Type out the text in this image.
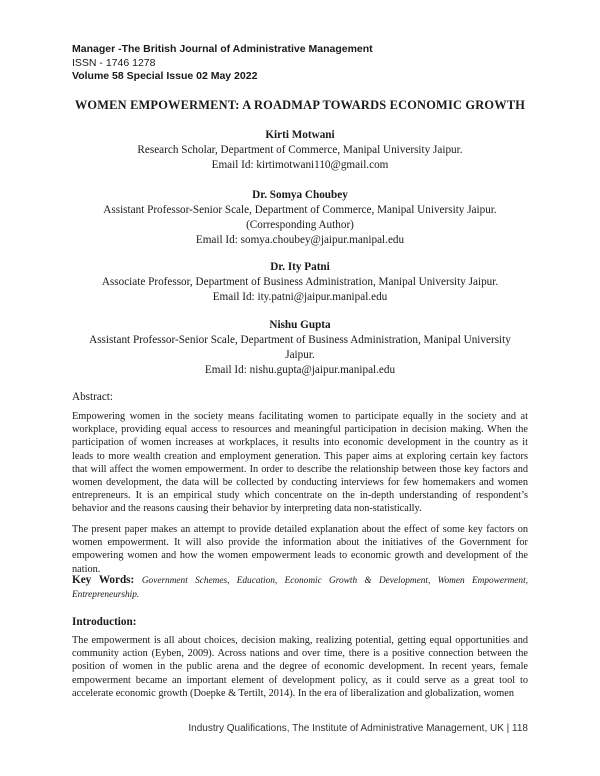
Manager -The British Journal of Administrative Management
ISSN - 1746 1278
Volume 58 Special Issue 02 May 2022
WOMEN EMPOWERMENT: A ROADMAP TOWARDS ECONOMIC GROWTH
Kirti Motwani
Research Scholar, Department of Commerce, Manipal University Jaipur.
Email Id: kirtimotwani110@gmail.com
Dr. Somya Choubey
Assistant Professor-Senior Scale, Department of Commerce, Manipal University Jaipur.
(Corresponding Author)
Email Id: somya.choubey@jaipur.manipal.edu
Dr. Ity Patni
Associate Professor, Department of Business Administration, Manipal University Jaipur.
Email Id: ity.patni@jaipur.manipal.edu
Nishu Gupta
Assistant Professor-Senior Scale, Department of Business Administration, Manipal University
Jaipur.
Email Id: nishu.gupta@jaipur.manipal.edu
Abstract:
Empowering women in the society means facilitating women to participate equally in the society and at workplace, providing equal access to resources and meaningful participation in decision making. When the participation of women increases at workplaces, it results into economic development in the country as it leads to more wealth creation and employment generation. This paper aims at exploring certain key factors that will affect the women empowerment. In order to describe the relationship between those key factors and women development, the data will be collected by conducting interviews for few homemakers and women entrepreneurs. It is an empirical study which concentrate on the in-depth understanding of respondent’s behavior and the reasons causing their behavior by interpreting data non-statistically.
The present paper makes an attempt to provide detailed explanation about the effect of some key factors on women empowerment. It will also provide the information about the initiatives of the Government for empowering women and how the women empowerment leads to economic growth and development of the nation.
Key Words: Government Schemes, Education, Economic Growth & Development, Women Empowerment, Entrepreneurship.
Introduction:
The empowerment is all about choices, decision making, realizing potential, getting equal opportunities and community action (Eyben, 2009). Across nations and over time, there is a positive connection between the position of women in the public arena and the degree of economic development. In recent years, female empowerment became an important element of development policy, as it could serve as a great tool to accelerate economic growth (Doepke & Tertilt, 2014). In the era of liberalization and globalization, women
Industry Qualifications, The Institute of Administrative Management, UK | 118
